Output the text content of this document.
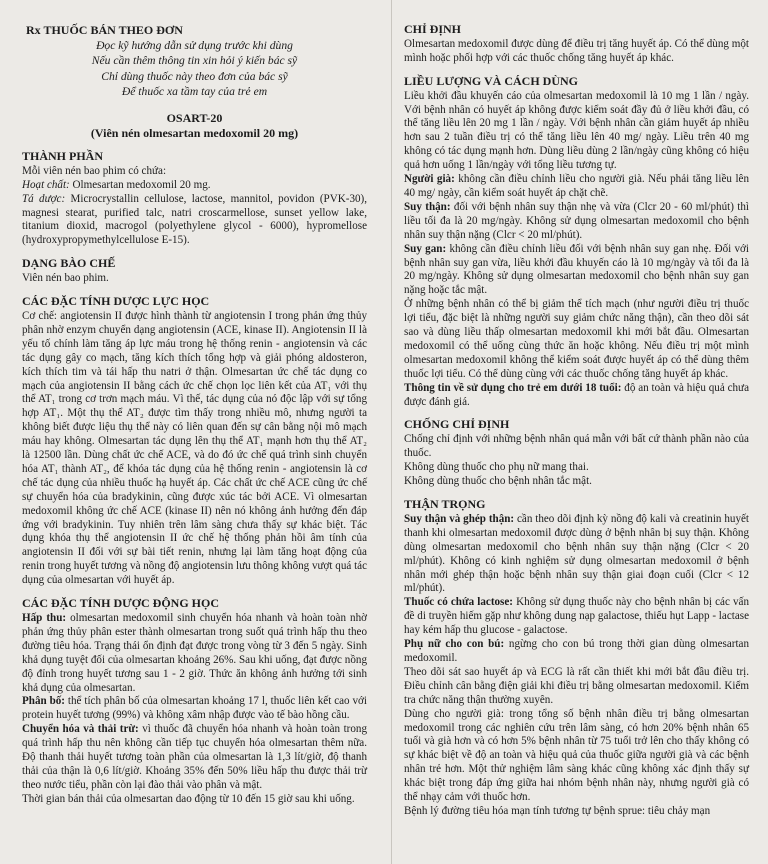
Rx THUỐC BÁN THEO ĐƠN

Đọc kỹ hướng dẫn sử dụng trước khi dùng

Nếu cần thêm thông tin xin hỏi ý kiến bác sỹ

Chỉ dùng thuốc này theo đơn của bác sỹ

Để thuốc xa tầm tay của trẻ em

OSART-20

(Viên nén olmesartan medoxomil 20 mg)

THÀNH PHẦN

Mỗi viên nén bao phim có chứa:

Hoạt chất: Olmesartan medoxomil 20 mg.

Tá dược: Microcrystallin cellulose, lactose, mannitol, povidon (PVK-30), magnesi stearat, purified talc, natri croscarmellose, sunset yellow lake, titanium dioxid, macrogol (polyethylene glycol - 6000), hypromellose (hydroxypropymethylcellulose E-15).

DẠNG BÀO CHẾ

Viên nén bao phim.

CÁC ĐẶC TÍNH DƯỢC LỰC HỌC

Cơ chế: angiotensin II được hình thành từ angiotensin I trong phản ứng thủy phân nhờ enzym chuyển dạng angiotensin (ACE, kinase II). Angiotensin II là yếu tố chính làm tăng áp lực máu trong hệ thống renin - angiotensin và các tác dụng gây co mạch, tăng kích thích tổng hợp và giải phóng aldosteron, kích thích tim và tái hấp thu natri ở thận. Olmesartan ức chế tác dụng co mạch của angiotensin II bằng cách ức chế chọn lọc liên kết của AT₁ với thụ thể AT₁ trong cơ trơn mạch máu. Vì thế, tác dụng của nó độc lập với sự tổng hợp AT₁. Một thụ thể AT₂ được tìm thấy trong nhiều mô, nhưng người ta không biết được liệu thụ thể này có liên quan đến sự cân bằng nội mô mạch máu hay không. Olmesartan tác dụng lên thụ thể AT₁ mạnh hơn thụ thể AT₂ là 12500 lần. Dùng chất ức chế ACE, và do đó ức chế quá trình sinh chuyển hóa AT₁ thành AT₂, để khóa tác dụng của hệ thống renin - angiotensin là cơ chế tác dụng của nhiều thuốc hạ huyết áp. Các chất ức chế ACE cũng ức chế sự chuyển hóa của bradykinin, cũng được xúc tác bởi ACE. Vì olmesartan medoxomil không ức chế ACE (kinase II) nên nó không ảnh hưởng đến đáp ứng với bradykinin. Tuy nhiên trên lâm sàng chưa thấy sự khác biệt. Tác dụng khóa thụ thể angiotensin II ức chế hệ thống phản hồi âm tính của angiotensin II đối với sự bài tiết renin, nhưng lại làm tăng hoạt động của renin trong huyết tương và nồng độ angiotensin lưu thông không vượt quá tác dụng của olmesartan với huyết áp.

CÁC ĐẶC TÍNH DƯỢC ĐỘNG HỌC

Hấp thu: olmesartan medoxomil sinh chuyển hóa nhanh và hoàn toàn nhờ phản ứng thủy phân ester thành olmesartan trong suốt quá trình hấp thu theo đường tiêu hóa. Trạng thái ổn định đạt được trong vòng từ 3 đến 5 ngày. Sinh khả dụng tuyệt đối của olmesartan khoảng 26%. Sau khi uống, đạt được nồng độ đỉnh trong huyết tương sau 1 - 2 giờ. Thức ăn không ảnh hưởng tới sinh khả dụng của olmesartan.

Phân bố: thể tích phân bố của olmesartan khoảng 17 l, thuốc liên kết cao với protein huyết tương (99%) và không xâm nhập được vào tế bào hồng cầu.

Chuyển hóa và thải trừ: vì thuốc đã chuyển hóa nhanh và hoàn toàn trong quá trình hấp thu nên không cần tiếp tục chuyển hóa olmesartan thêm nữa. Độ thanh thải huyết tương toàn phần của olmesartan là 1,3 lít/giờ, độ thanh thải của thận là 0,6 lít/giờ. Khoảng 35% đến 50% liều hấp thu được thải trừ theo nước tiểu, phần còn lại đào thải vào phân và mật.

Thời gian bán thải của olmesartan dao động từ 10 đến 15 giờ sau khi uống.

CHỈ ĐỊNH

Olmesartan medoxomil được dùng để điều trị tăng huyết áp. Có thể dùng một mình hoặc phối hợp với các thuốc chống tăng huyết áp khác.

LIỀU LƯỢNG VÀ CÁCH DÙNG

Liều khởi đầu khuyến cáo của olmesartan medoxomil là 10 mg 1 lần / ngày. Với bệnh nhân có huyết áp không được kiểm soát đầy đủ ở liều khởi đầu, có thể tăng liều lên 20 mg 1 lần / ngày. Với bệnh nhân cần giảm huyết áp nhiều hơn sau 2 tuần điều trị có thể tăng liều lên 40 mg/ ngày. Liều trên 40 mg không có tác dụng mạnh hơn. Dùng liều dùng 2 lần/ngày cũng không có hiệu quả hơn uống 1 lần/ngày với tổng liều tương tự.

Người già: không cần điều chỉnh liều cho người già. Nếu phải tăng liều lên 40 mg/ ngày, cần kiểm soát huyết áp chặt chẽ.

Suy thận: đối với bệnh nhân suy thận nhẹ và vừa (Clcr 20 - 60 ml/phút) thì liều tối đa là 20 mg/ngày. Không sử dụng olmesartan medoxomil cho bệnh nhân suy thận nặng (Clcr < 20 ml/phút).

Suy gan: không cần điều chỉnh liều đối với bệnh nhân suy gan nhẹ. Đối với bệnh nhân suy gan vừa, liều khởi đầu khuyến cáo là 10 mg/ngày và tối đa là 20 mg/ngày. Không sử dụng olmesartan medoxomil cho bệnh nhân suy gan nặng hoặc tắc mật.

Ở những bệnh nhân có thể bị giảm thể tích mạch (như người điều trị thuốc lợi tiểu, đặc biệt là những người suy giảm chức năng thận), cần theo dõi sát sao và dùng liều thấp olmesartan medoxomil khi mới bắt đầu. Olmesartan medoxomil có thể uống cùng thức ăn hoặc không. Nếu điều trị một mình olmesartan medoxomil không thể kiểm soát được huyết áp có thể dùng thêm thuốc lợi tiểu. Có thể dùng cùng với các thuốc chống tăng huyết áp khác.

Thông tin về sử dụng cho trẻ em dưới 18 tuổi: độ an toàn và hiệu quả chưa được đánh giá.

CHỐNG CHỈ ĐỊNH

Chống chỉ định với những bệnh nhân quá mẫn với bất cứ thành phần nào của thuốc.

Không dùng thuốc cho phụ nữ mang thai.

Không dùng thuốc cho bệnh nhân tắc mật.

THẬN TRỌNG

Suy thận và ghép thận: cần theo dõi định kỳ nồng độ kali và creatinin huyết thanh khi olmesartan medoxomil được dùng ở bệnh nhân bị suy thận. Không dùng olmesartan medoxomil cho bệnh nhân suy thận nặng (Clcr < 20 ml/phút). Không có kinh nghiệm sử dụng olmesartan medoxomil ở bệnh nhân mới ghép thận hoặc bệnh nhân suy thận giai đoạn cuối (Clcr < 12 ml/phút).

Thuốc có chứa lactose: Không sử dụng thuốc này cho bệnh nhân bị các vấn đề di truyền hiếm gặp như không dung nạp galactose, thiếu hụt Lapp - lactase hay kém hấp thu glucose - galactose.

Phụ nữ cho con bú: ngừng cho con bú trong thời gian dùng olmesartan medoxomil.

Theo dõi sát sao huyết áp và ECG là rất cần thiết khi mới bắt đầu điều trị. Điều chỉnh cân bằng điện giải khi điều trị bằng olmesartan medoxomil. Kiểm tra chức năng thận thường xuyên.

Dùng cho người già: trong tổng số bệnh nhân điều trị bằng olmesartan medoxomil trong các nghiên cứu trên lâm sàng, có hơn 20% bệnh nhân 65 tuổi và già hơn và có hơn 5% bệnh nhân từ 75 tuổi trở lên cho thấy không có sự khác biệt về độ an toàn và hiệu quả của thuốc giữa người già và các bệnh nhân trẻ hơn. Một thử nghiệm lâm sàng khác cũng không xác định thấy sự khác biệt trong đáp ứng giữa hai nhóm bệnh nhân này, nhưng người già có thể nhạy cảm với thuốc hơn.

Bệnh lý đường tiêu hóa mạn tính tương tự bệnh sprue: tiêu chảy mạn
